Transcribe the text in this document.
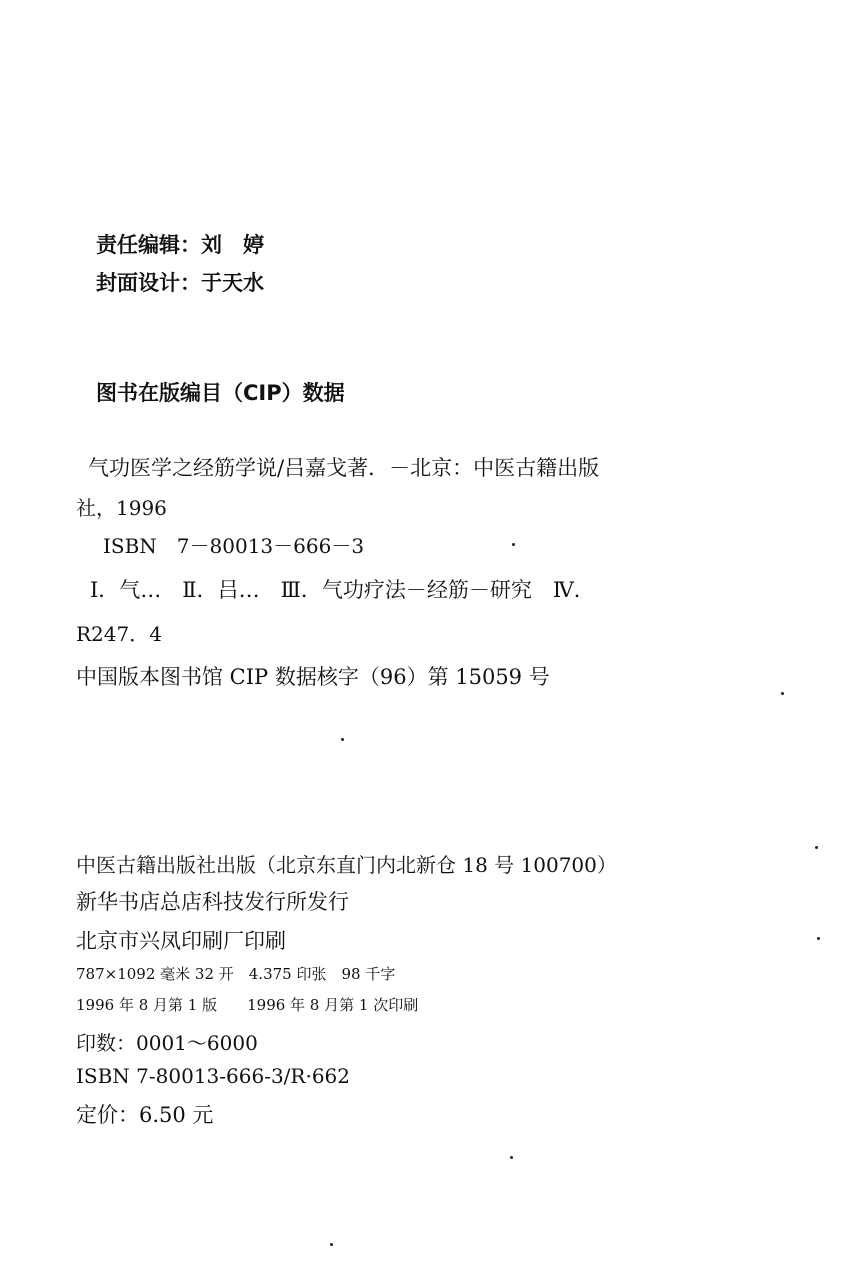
责任编辑：刘　婷
封面设计：于天水
图书在版编目（CIP）数据
气功医学之经筋学说/吕嘉戈著．－北京：中医古籍出版
社，1996
ISBN　7－80013－666－3
Ⅰ．气…　Ⅱ．吕…　Ⅲ．气功疗法－经筋－研究　Ⅳ．
R247．4
中国版本图书馆 CIP 数据核字（96）第 15059 号
中医古籍出版社出版（北京东直门内北新仓 18 号 100700）
新华书店总店科技发行所发行
北京市兴凤印刷厂印刷
787×1092 毫米 32 开　4.375 印张　98 千字
1996 年 8 月第 1 版　　1996 年 8 月第 1 次印刷
印数：0001～6000
ISBN 7-80013-666-3/R·662
定价：6.50 元
